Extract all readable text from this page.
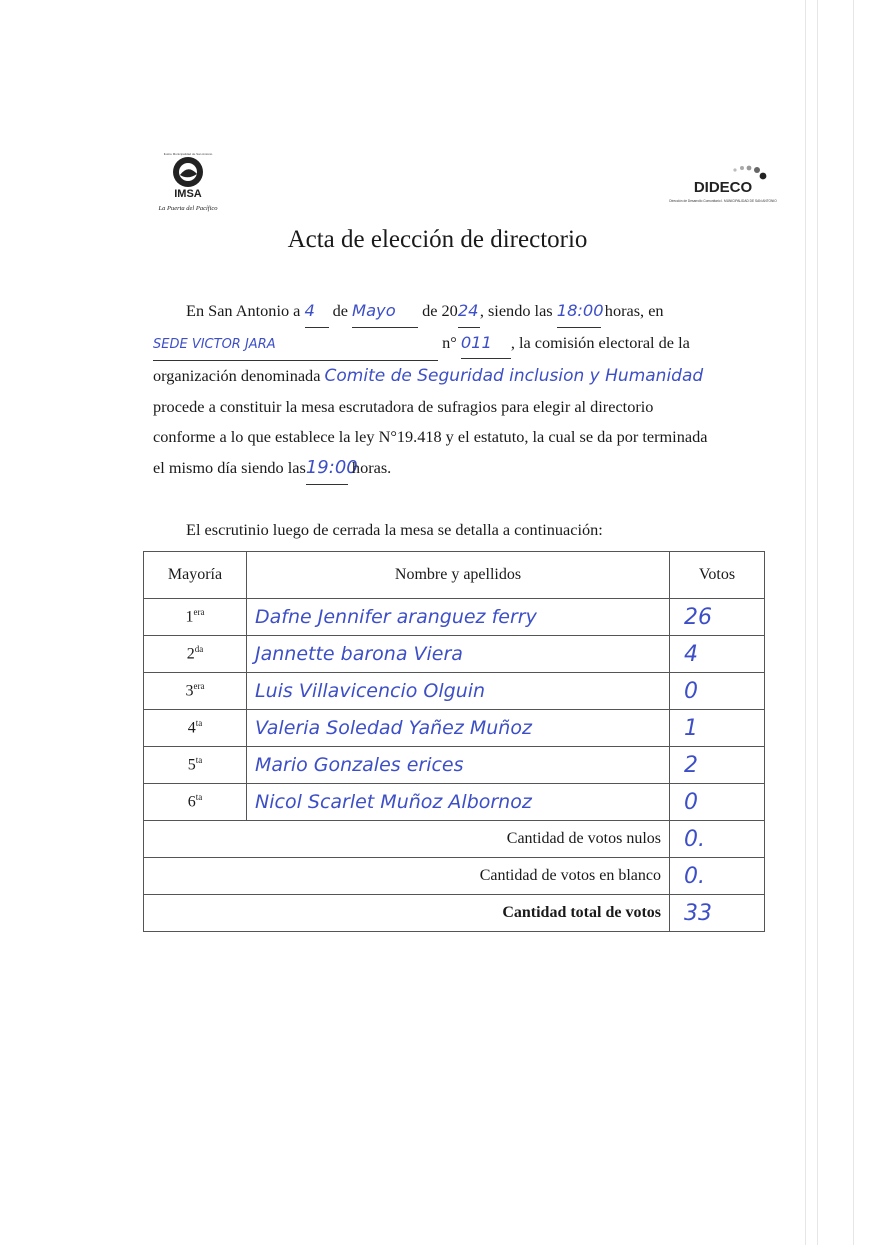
IMSA
La Puerta del Pacífico
Ilustre Municipalidad de San Antonio
DIDECO
Dirección de Desarrollo Comunitario I. MUNICIPALIDAD DE SAN ANTONIO
Acta de elección de directorio
En San Antonio a 4 de Mayo de 2024, siendo las 18:00 horas, en
SEDE VICTOR JARA	n° 011 , la comisión electoral de la
organización denominada Comite de Seguridad inclusion y Humanidad
procede a constituir la mesa escrutadora de sufragios para elegir al directorio
conforme a lo que establece la ley N°19.418 y el estatuto, la cual se da por terminada
el mismo día siendo las19:00 horas.
El escrutinio luego de cerrada la mesa se detalla a continuación:
Mayoría	Nombre y apellidos	Votos
$1^{era}$	Dafne Jennifer aranguez ferry	26
$2^{da}$	Jannette barona Viera	4
$3^{era}$	Luis Villavicencio Olguin	0
$4^{ta}$	Valeria Soledad Yañez Muñoz	1
$5^{ta}$	Mario Gonzales erices	2
$6^{ta}$	Nicol Scarlet Muñoz Albornoz	0
Cantidad de votos nulos		0.
Cantidad de votos en blanco		0.
Cantidad total de votos		33
